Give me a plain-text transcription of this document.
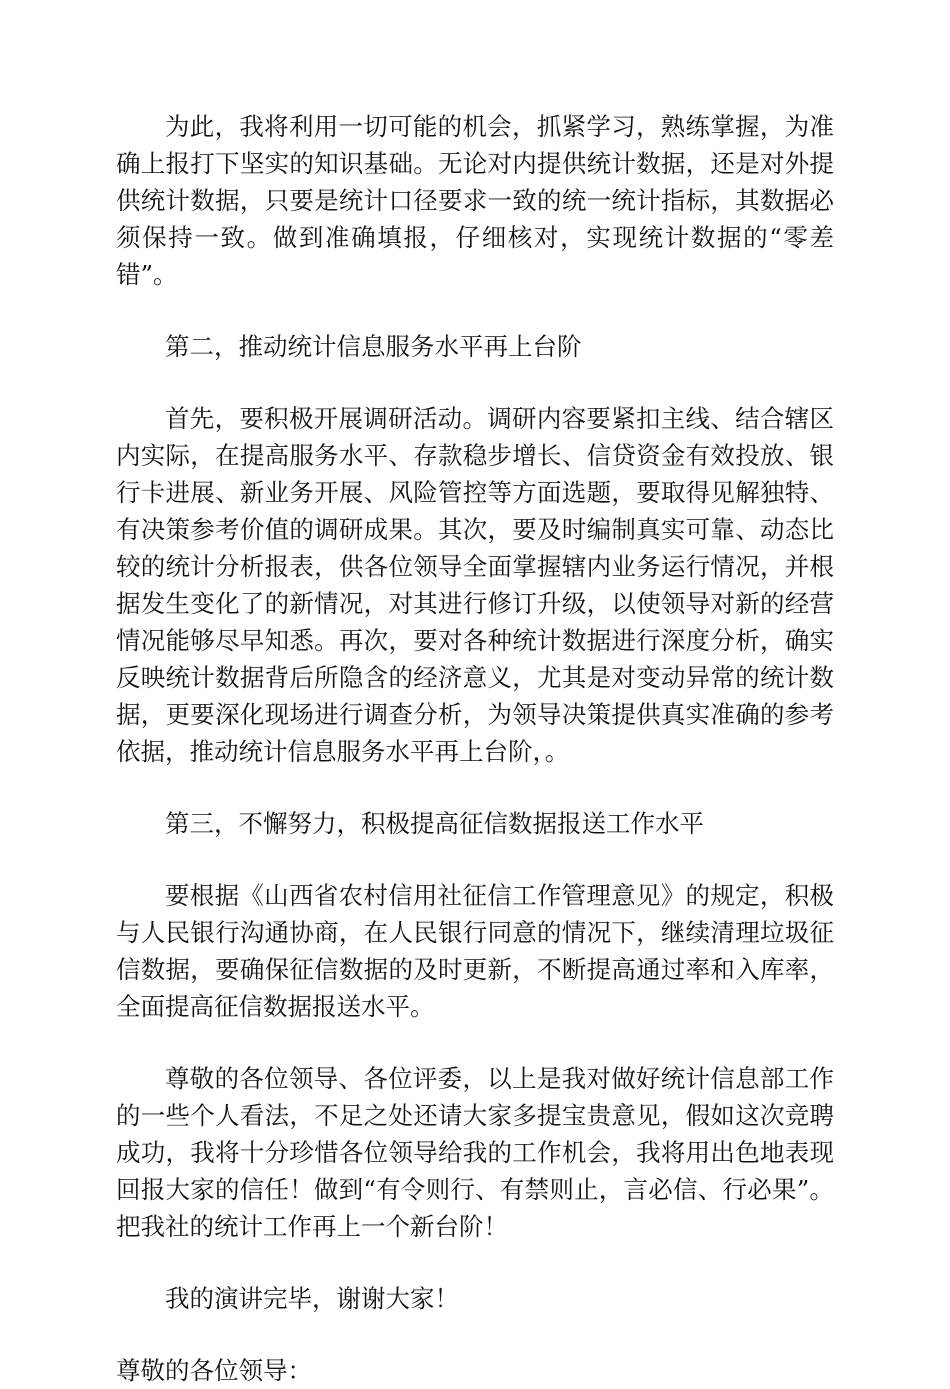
为此，我将利用一切可能的机会，抓紧学习，熟练掌握，为准确上报打下坚实的知识基础。无论对内提供统计数据，还是对外提供统计数据，只要是统计口径要求一致的统一统计指标，其数据必须保持一致。做到准确填报，仔细核对，实现统计数据的“零差错”。

第二，推动统计信息服务水平再上台阶

首先，要积极开展调研活动。调研内容要紧扣主线、结合辖区内实际，在提高服务水平、存款稳步增长、信贷资金有效投放、银行卡进展、新业务开展、风险管控等方面选题，要取得见解独特、有决策参考价值的调研成果。其次，要及时编制真实可靠、动态比较的统计分析报表，供各位领导全面掌握辖内业务运行情况，并根据发生变化了的新情况，对其进行修订升级，以使领导对新的经营情况能够尽早知悉。再次，要对各种统计数据进行深度分析，确实反映统计数据背后所隐含的经济意义，尤其是对变动异常的统计数据，更要深化现场进行调查分析，为领导决策提供真实准确的参考依据，推动统计信息服务水平再上台阶，。

第三，不懈努力，积极提高征信数据报送工作水平

要根据《山西省农村信用社征信工作管理意见》的规定，积极与人民银行沟通协商，在人民银行同意的情况下，继续清理垃圾征信数据，要确保征信数据的及时更新，不断提高通过率和入库率，全面提高征信数据报送水平。

尊敬的各位领导、各位评委，以上是我对做好统计信息部工作的一些个人看法，不足之处还请大家多提宝贵意见，假如这次竞聘成功，我将十分珍惜各位领导给我的工作机会，我将用出色地表现回报大家的信任！做到“有令则行、有禁则止，言必信、行必果”。把我社的统计工作再上一个新台阶！

我的演讲完毕，谢谢大家！

尊敬的各位领导：
